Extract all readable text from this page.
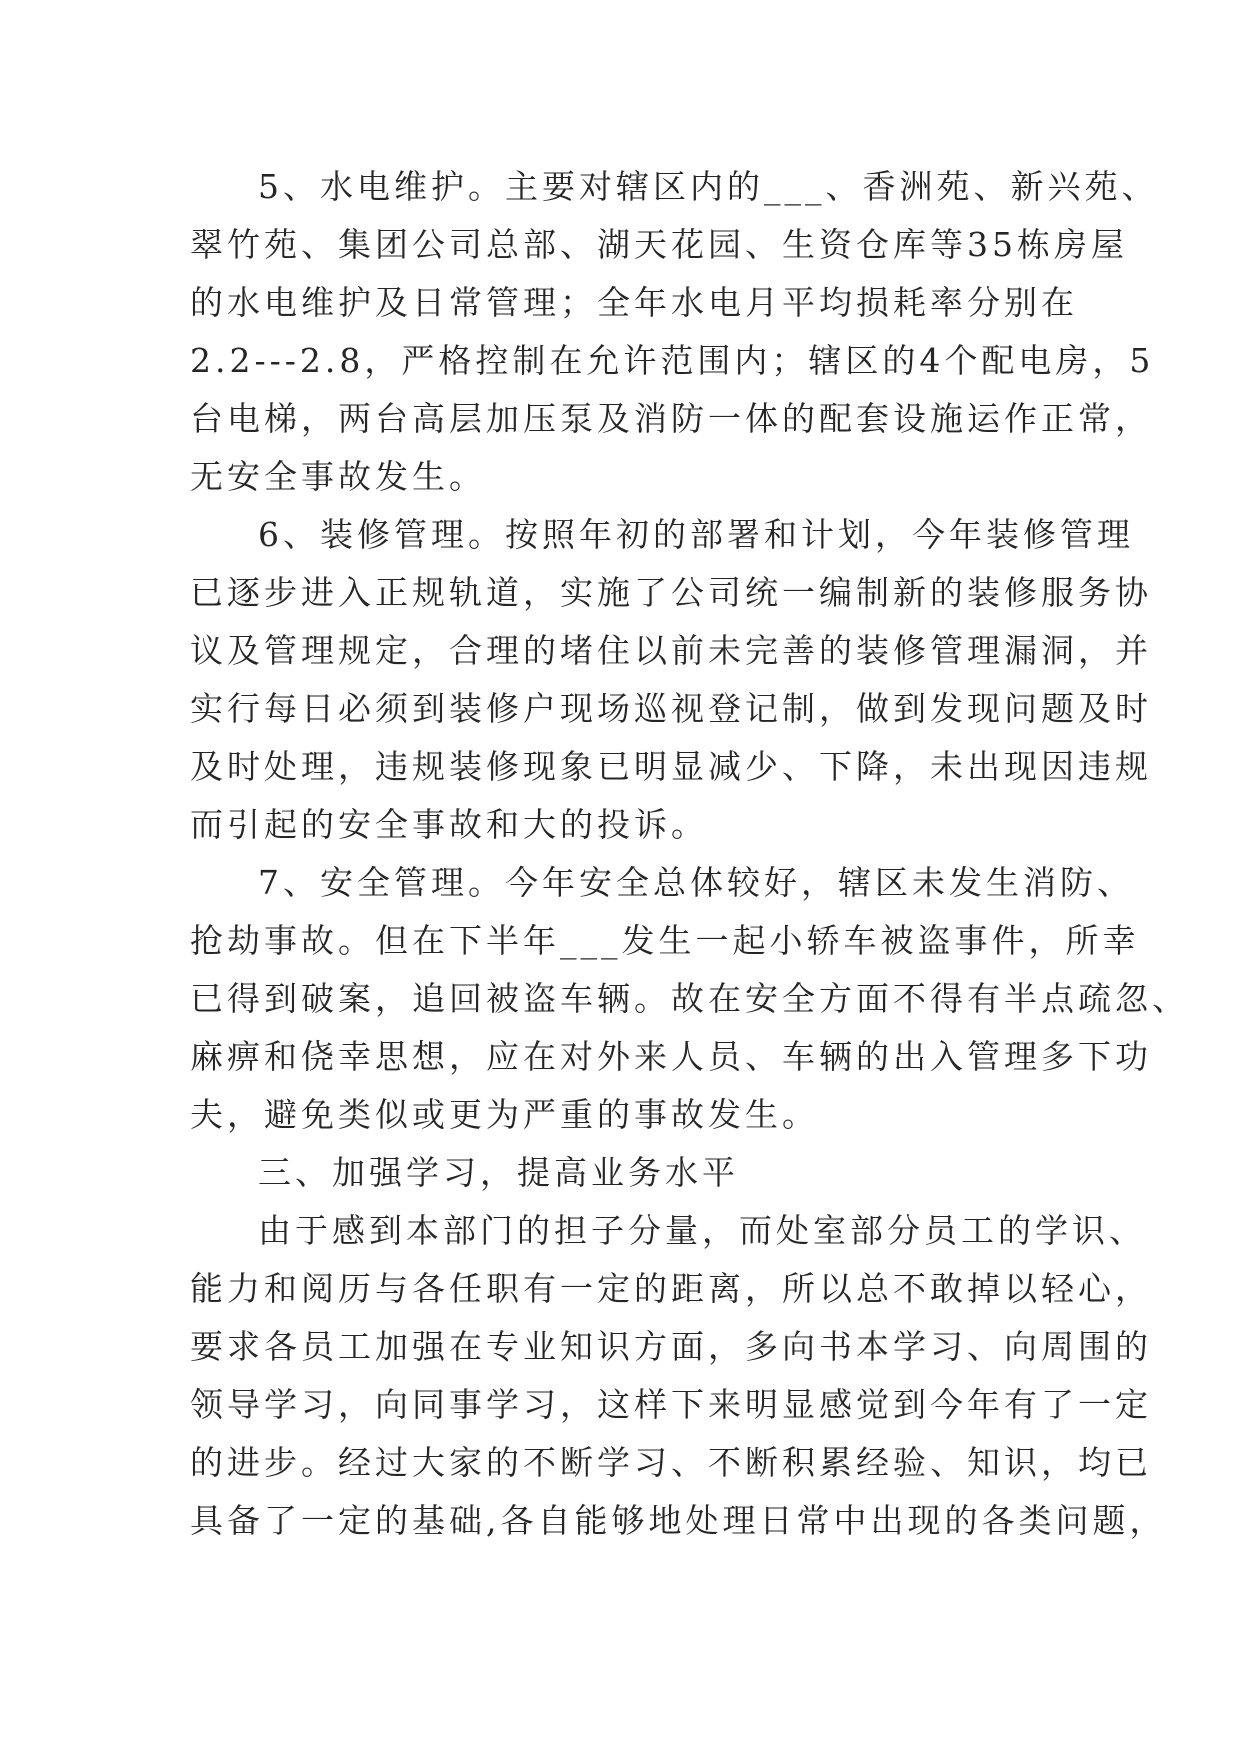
5、水电维护。主要对辖区内的___、香洲苑、新兴苑、
翠竹苑、集团公司总部、湖天花园、生资仓库等35栋房屋
的水电维护及日常管理；全年水电月平均损耗率分别在
2.2---2.8，严格控制在允许范围内；辖区的4个配电房，5
台电梯，两台高层加压泵及消防一体的配套设施运作正常，
无安全事故发生。
6、装修管理。按照年初的部署和计划，今年装修管理
已逐步进入正规轨道，实施了公司统一编制新的装修服务协
议及管理规定，合理的堵住以前未完善的装修管理漏洞，并
实行每日必须到装修户现场巡视登记制，做到发现问题及时
及时处理，违规装修现象已明显减少、下降，未出现因违规
而引起的安全事故和大的投诉。
7、安全管理。今年安全总体较好，辖区未发生消防、
抢劫事故。但在下半年___发生一起小轿车被盗事件，所幸
已得到破案，追回被盗车辆。故在安全方面不得有半点疏忽、
麻痹和侥幸思想，应在对外来人员、车辆的出入管理多下功
夫，避免类似或更为严重的事故发生。
三、加强学习，提高业务水平
由于感到本部门的担子分量，而处室部分员工的学识、
能力和阅历与各任职有一定的距离，所以总不敢掉以轻心，
要求各员工加强在专业知识方面，多向书本学习、向周围的
领导学习，向同事学习，这样下来明显感觉到今年有了一定
的进步。经过大家的不断学习、不断积累经验、知识，均已
具备了一定的基础,各自能够地处理日常中出现的各类问题，
